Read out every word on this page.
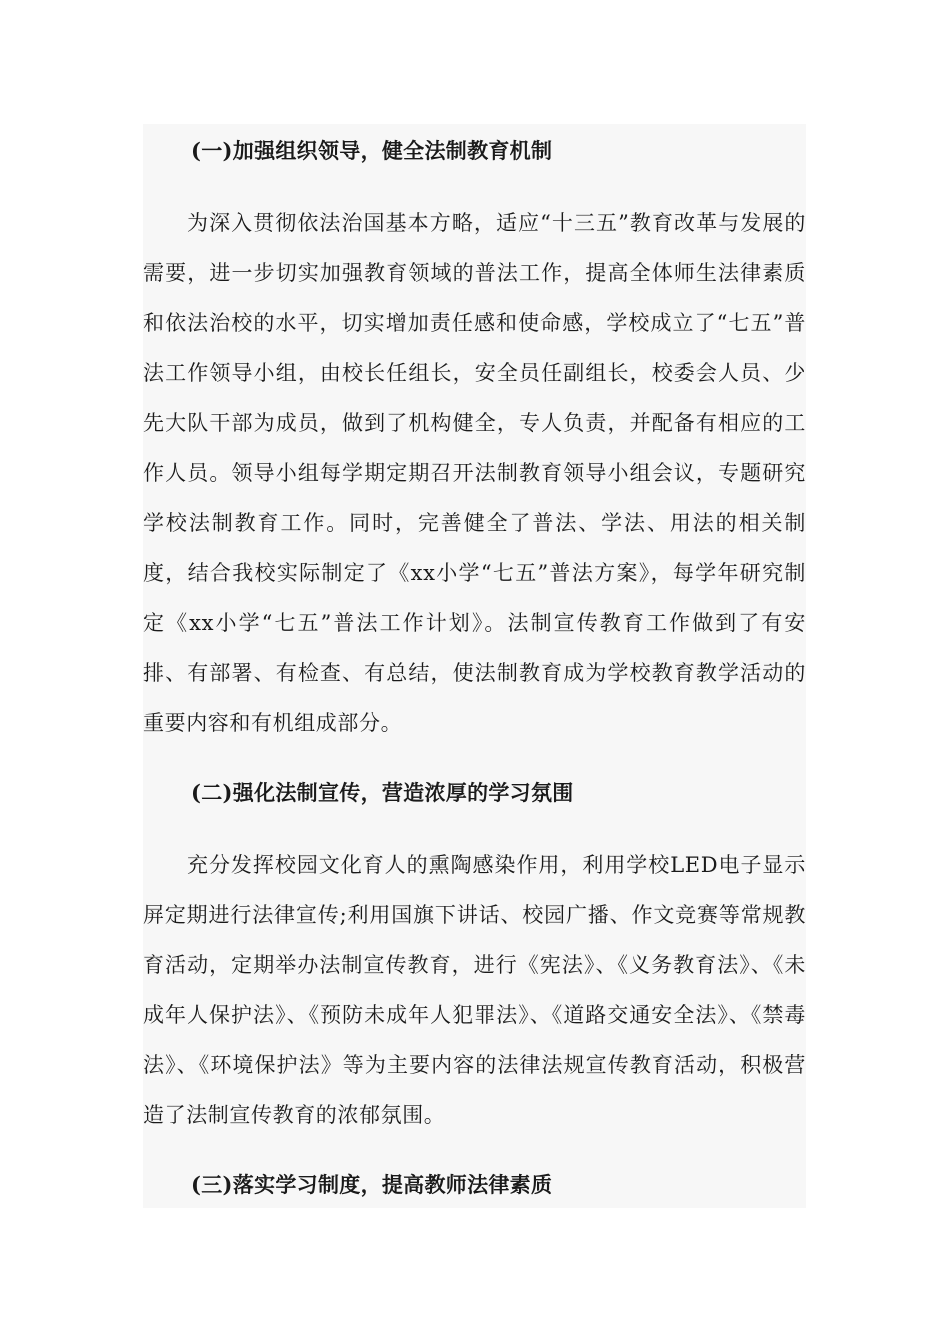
(一)加强组织领导，健全法制教育机制

为深入贯彻依法治国基本方略，适应“十三五”教育改革与发展的需要，进一步切实加强教育领域的普法工作，提高全体师生法律素质和依法治校的水平，切实增加责任感和使命感，学校成立了“七五”普法工作领导小组，由校长任组长，安全员任副组长，校委会人员、少先大队干部为成员，做到了机构健全，专人负责，并配备有相应的工作人员。领导小组每学期定期召开法制教育领导小组会议，专题研究学校法制教育工作。同时，完善健全了普法、学法、用法的相关制度，结合我校实际制定了《xx小学“七五”普法方案》，每学年研究制定《xx小学“七五”普法工作计划》。法制宣传教育工作做到了有安排、有部署、有检查、有总结，使法制教育成为学校教育教学活动的重要内容和有机组成部分。

(二)强化法制宣传，营造浓厚的学习氛围

充分发挥校园文化育人的熏陶感染作用，利用学校LED电子显示屏定期进行法律宣传;利用国旗下讲话、校园广播、作文竞赛等常规教育活动，定期举办法制宣传教育，进行《宪法》、《义务教育法》、《未成年人保护法》、《预防未成年人犯罪法》、《道路交通安全法》、《禁毒法》、《环境保护法》等为主要内容的法律法规宣传教育活动，积极营造了法制宣传教育的浓郁氛围。

(三)落实学习制度，提高教师法律素质
